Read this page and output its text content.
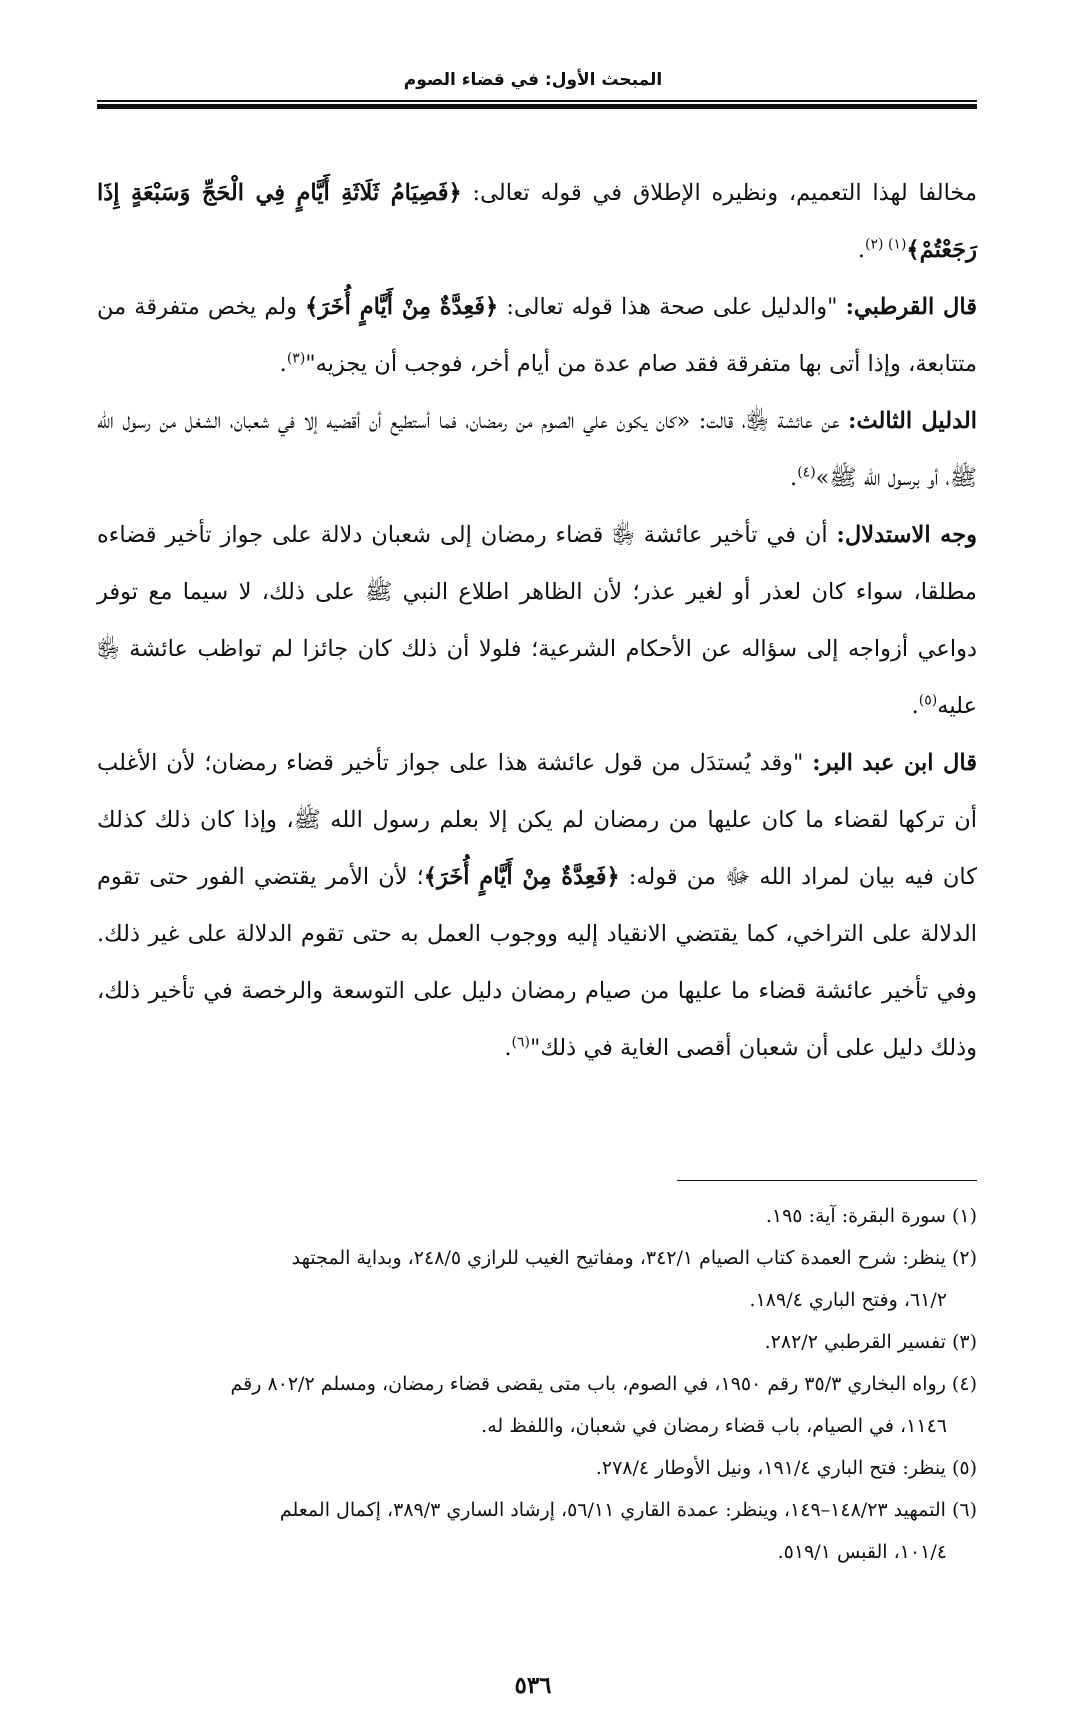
المبحث الأول: في قضاء الصوم

مخالفا لهذا التعميم، ونظيره الإطلاق في قوله تعالى: ﴿فَصِيَامُ ثَلَاثَةِ أَيَّامٍ فِي الْحَجِّ وَسَبْعَةٍ إِذَا رَجَعْتُمْ﴾$^{(١) (٢)}$.

قال القرطبي: "والدليل على صحة هذا قوله تعالى: ﴿فَعِدَّةٌ مِنْ أَيَّامٍ أُخَرَ﴾ ولم يخص متفرقة من متتابعة، وإذا أتى بها متفرقة فقد صام عدة من أيام أخر، فوجب أن يجزيه"$^{(٣)}$.

الدليل الثالث: عن عائشة ﵂، قالت: «كان يكون علي الصوم من رمضان، فما أستطيع أن أقضيه إلا في شعبان، الشغل من رسول الله ﷺ، أو برسول الله ﷺ»$^{(٤)}$.

وجه الاستدلال: أن في تأخير عائشة ﵂ قضاء رمضان إلى شعبان دلالة على جواز تأخير قضاءه مطلقا، سواء كان لعذر أو لغير عذر؛ لأن الظاهر اطلاع النبي ﷺ على ذلك، لا سيما مع توفر دواعي أزواجه إلى سؤاله عن الأحكام الشرعية؛ فلولا أن ذلك كان جائزا لم تواظب عائشة ﵂ عليه$^{(٥)}$.

قال ابن عبد البر: "وقد يُستدَل من قول عائشة هذا على جواز تأخير قضاء رمضان؛ لأن الأغلب أن تركها لقضاء ما كان عليها من رمضان لم يكن إلا بعلم رسول الله ﷺ، وإذا كان ذلك كذلك كان فيه بيان لمراد الله ﷻ من قوله: ﴿فَعِدَّةٌ مِنْ أَيَّامٍ أُخَرَ﴾؛ لأن الأمر يقتضي الفور حتى تقوم الدلالة على التراخي، كما يقتضي الانقياد إليه ووجوب العمل به حتى تقوم الدلالة على غير ذلك. وفي تأخير عائشة قضاء ما عليها من صيام رمضان دليل على التوسعة والرخصة في تأخير ذلك، وذلك دليل على أن شعبان أقصى الغاية في ذلك"$^{(٦)}$.

(١) سورة البقرة: آية: ١٩٥.

(٢) ينظر: شرح العمدة كتاب الصيام ٣٤٢/١، ومفاتيح الغيب للرازي ٢٤٨/٥، وبداية المجتهد

٦١/٢، وفتح الباري ١٨٩/٤.

(٣) تفسير القرطبي ٢٨٢/٢.

(٤) رواه البخاري ٣٥/٣ رقم ١٩٥٠، في الصوم، باب متى يقضى قضاء رمضان، ومسلم ٨٠٢/٢ رقم

١١٤٦، في الصيام، باب قضاء رمضان في شعبان، واللفظ له.

(٥) ينظر: فتح الباري ١٩١/٤، ونيل الأوطار ٢٧٨/٤.

(٦) التمهيد ١٤٨/٢٣–١٤٩، وينظر: عمدة القاري ٥٦/١١، إرشاد الساري ٣٨٩/٣، إكمال المعلم

١٠١/٤، القبس ٥١٩/١.

٥٣٦
